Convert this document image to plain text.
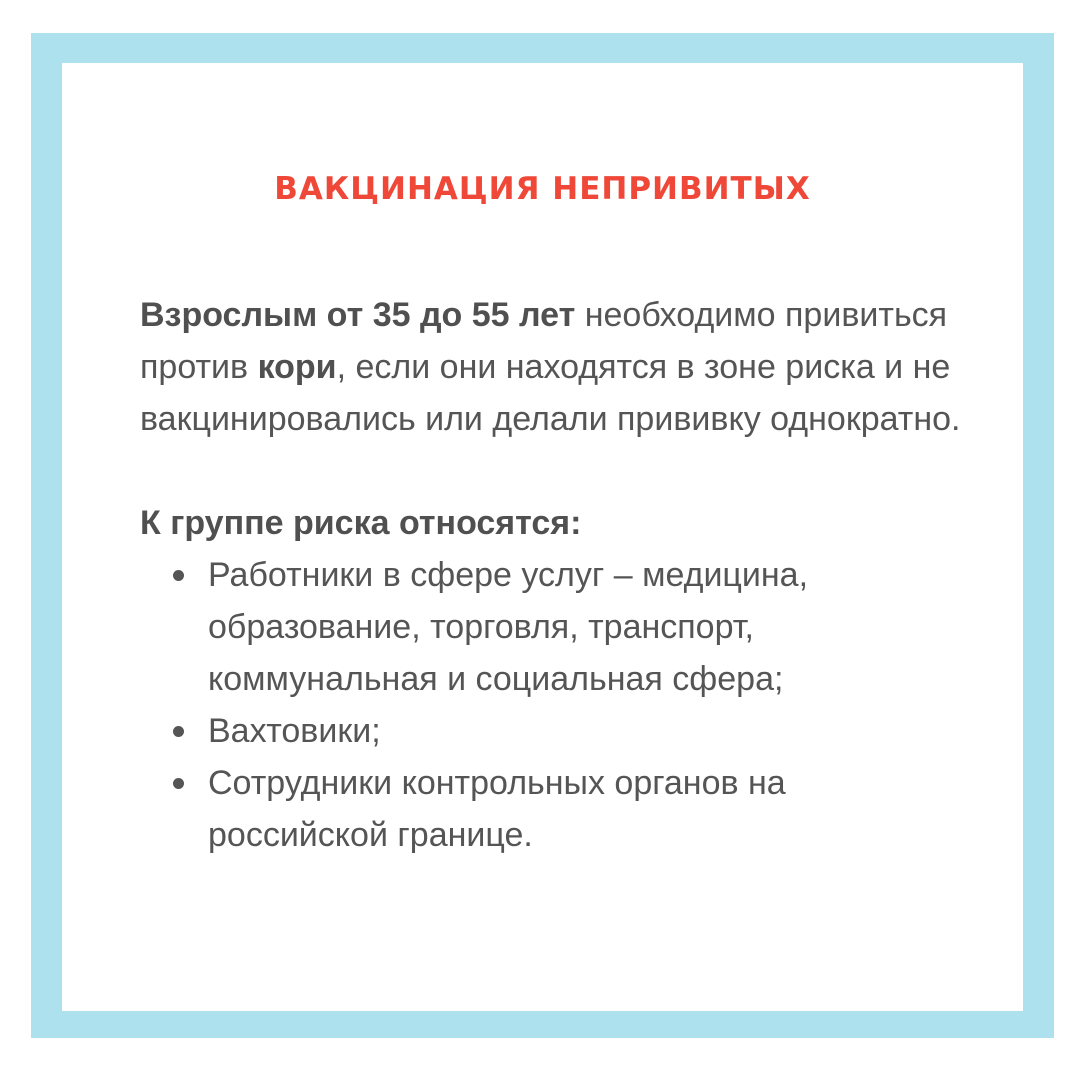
ВАКЦИНАЦИЯ НЕПРИВИТЫХ

Взрослым от 35 до 55 лет необходимо привиться против кори, если они находятся в зоне риска и не вакцинировались или делали прививку однократно.

К группе риска относятся:

Работники в сфере услуг – медицина, образование, торговля, транспорт, коммунальная и социальная сфера;
Вахтовики;
Сотрудники контрольных органов на российской границе.
